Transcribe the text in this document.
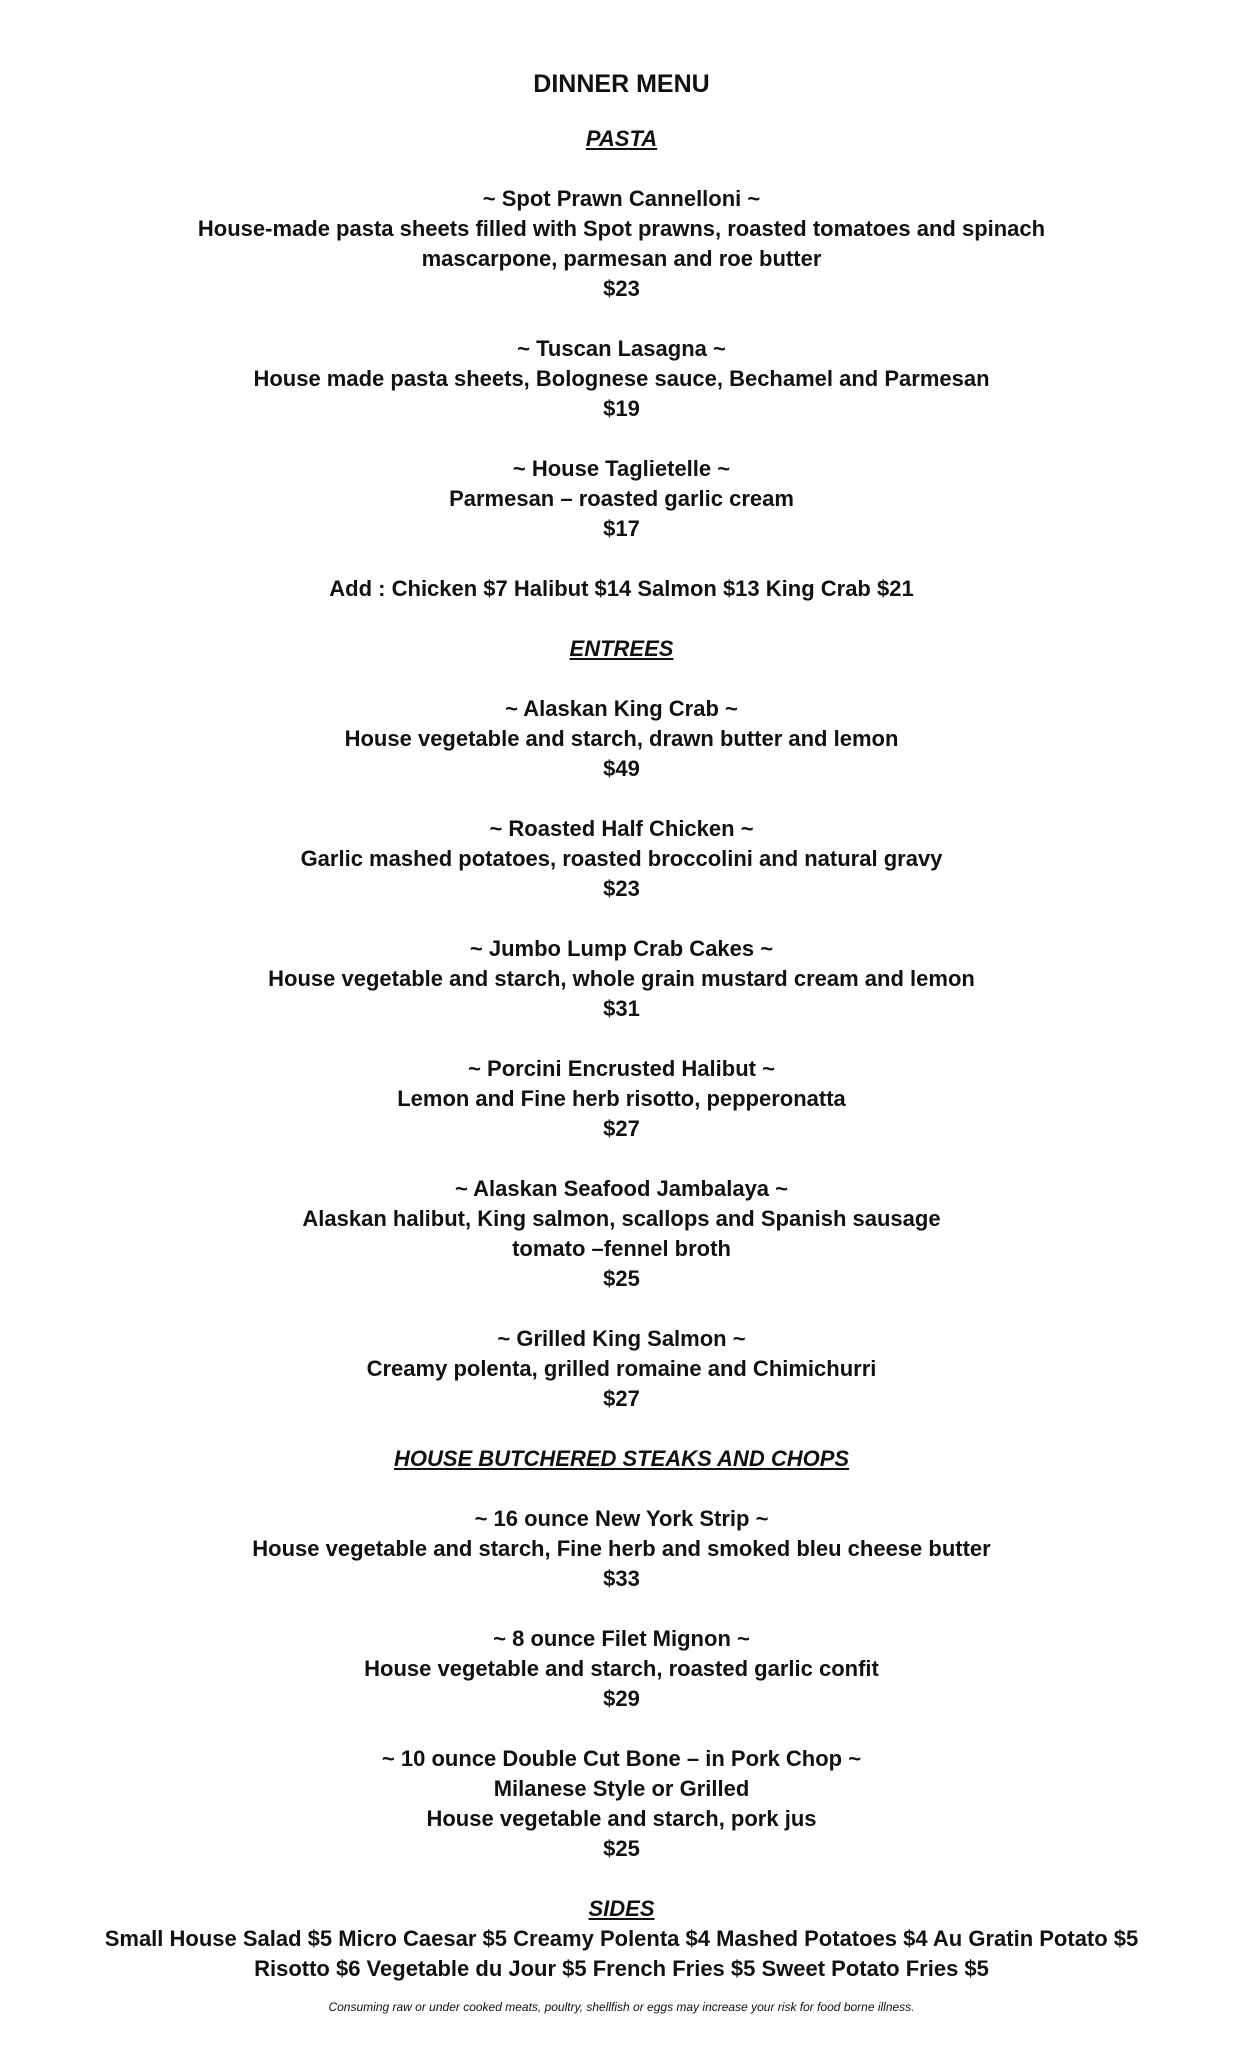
DINNER MENU
PASTA
~ Spot Prawn Cannelloni ~
House-made pasta sheets filled with Spot prawns, roasted tomatoes and spinach
mascarpone, parmesan and roe butter
$23
~ Tuscan Lasagna ~
House made pasta sheets, Bolognese sauce, Bechamel and Parmesan
$19
~ House Taglietelle ~
Parmesan – roasted garlic cream
$17
Add : Chicken $7 Halibut $14 Salmon $13 King Crab $21
ENTREES
~ Alaskan King Crab ~
House vegetable and starch, drawn butter and lemon
$49
~ Roasted Half Chicken ~
Garlic mashed potatoes, roasted broccolini and natural gravy
$23
~ Jumbo Lump Crab Cakes ~
House vegetable and starch, whole grain mustard cream and lemon
$31
~ Porcini Encrusted Halibut ~
Lemon and Fine herb risotto, pepperonatta
$27
~ Alaskan Seafood Jambalaya ~
Alaskan halibut, King salmon, scallops and Spanish sausage
tomato –fennel broth
$25
~ Grilled King Salmon ~
Creamy polenta, grilled romaine and Chimichurri
$27
HOUSE BUTCHERED STEAKS AND CHOPS
~ 16 ounce New York Strip ~
House vegetable and starch, Fine herb and smoked bleu cheese butter
$33
~ 8 ounce Filet Mignon ~
House vegetable and starch, roasted garlic confit
$29
~ 10 ounce Double Cut Bone – in Pork Chop ~
Milanese Style or Grilled
House vegetable and starch, pork jus
$25
SIDES
Small House Salad $5 Micro Caesar $5 Creamy Polenta $4 Mashed Potatoes $4 Au Gratin Potato $5
Risotto $6 Vegetable du Jour $5 French Fries $5 Sweet Potato Fries $5
Consuming raw or under cooked meats, poultry, shellfish or eggs may increase your risk for food borne illness.
